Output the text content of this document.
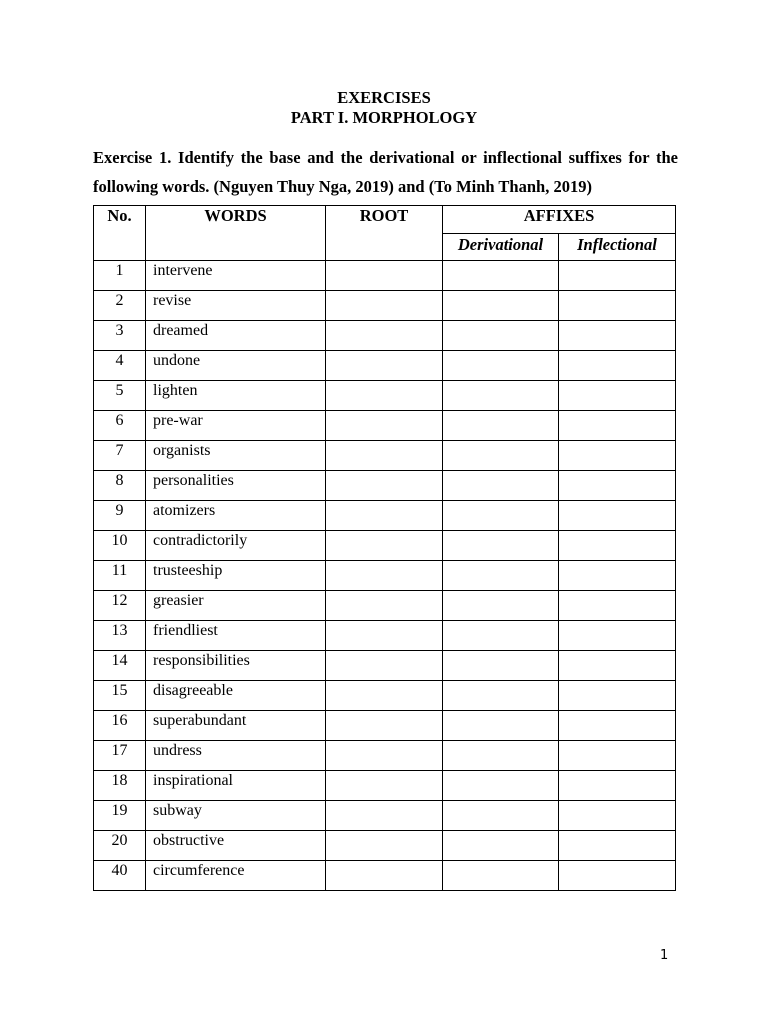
EXERCISES
PART I. MORPHOLOGY
Exercise 1. Identify the base and the derivational or inflectional suffixes for the following words. (Nguyen Thuy Nga, 2019) and (To Minh Thanh, 2019)
No.	WORDS	ROOT	AFFIXES	
			Derivational	Inflectional
1	intervene			
2	revise			
3	dreamed			
4	undone			
5	lighten			
6	pre-war			
7	organists			
8	personalities			
9	atomizers			
10	contradictorily			
11	trusteeship			
12	greasier			
13	friendliest			
14	responsibilities			
15	disagreeable			
16	superabundant			
17	undress			
18	inspirational			
19	subway			
20	obstructive			
40	circumference			
1
